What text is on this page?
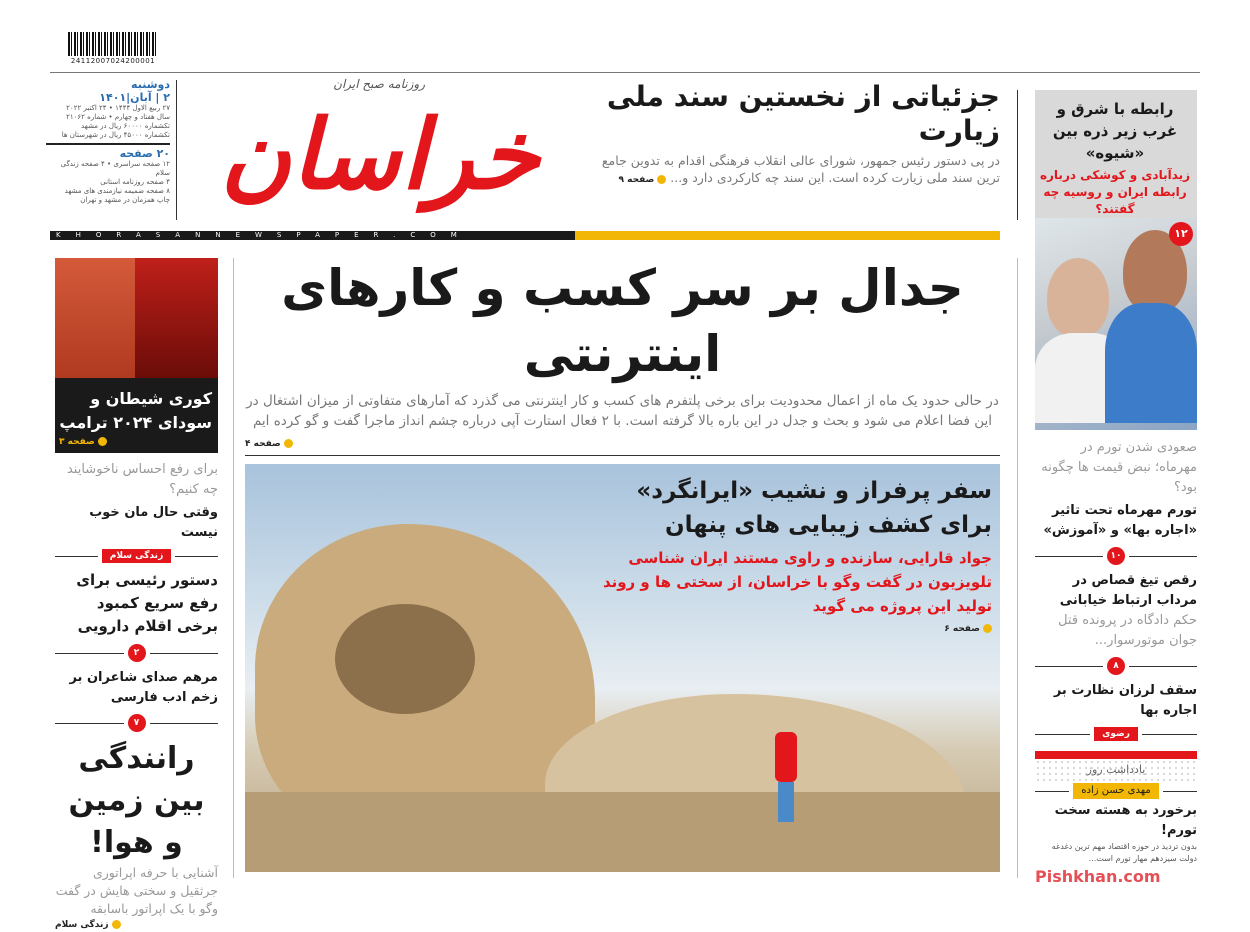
24112007024200001
دوشنبه
۲ | آبان|۱۴۰۱
۲۷ ربیع الاول ۱۴۴۴ • ۲۴ اکتبر ۲۰۲۲
سال هفتاد و چهارم • شماره ۲۱۰۶۲
تکشماره ۶۰۰۰۰ ریال در مشهد
تکشماره ۴۵۰۰۰ ریال در شهرستان ها
۲۰ صفحه
۱۲ صفحه سراسری • ۴ صفحه زندگی سلام
۴ صفحه روزنامه استانی
۸ صفحه ضمیمه نیازمندی های مشهد
چاپ همزمان در مشهد و تهران
روزنامه صبح ایران
خراسان
KHORASANNEWSPAPER.COM
جزئیاتی از نخستین سند ملی زیارت
در پی دستور رئیس جمهور، شورای عالی انقلاب فرهنگی اقدام به تدوین جامع ترین سند ملی زیارت کرده است. این سند چه کارکردی دارد و... صفحه ۹
رابطه با شرق و غرب زیر ذره بین «شیوه»
زیدآبادی و کوشکی درباره رابطه ایران و روسیه چه گفتند؟
۱۲
جدال بر سر کسب و کارهای اینترنتی
در حالی حدود یک ماه از اعمال محدودیت برای برخی پلتفرم های کسب و کار اینترنتی می گذرد که آمارهای متفاوتی از میزان اشتغال در این فضا اعلام می شود و بحث و جدل در این باره بالا گرفته است. با ۲ فعال استارت آپی درباره چشم انداز ماجرا گفت و گو کرده ایم
صفحه ۴
سفر پرفراز و نشیب «ایرانگرد» برای کشف زیبایی های پنهان
جواد قارایی، سازنده و راوی مستند ایران شناسی تلویزیون در گفت وگو با خراسان، از سختی ها و روند تولید این پروژه می گوید
صفحه ۶
کوری شیطان و سودای ۲۰۲۴ ترامپ
صفحه ۳
برای رفع احساس ناخوشایند چه کنیم؟
وقتی حال مان خوب نیست
زندگی سلام
دستور رئیسی برای رفع سریع کمبود برخی اقلام دارویی
۲
مرهم صدای شاعران بر زخم ادب فارسی
۷
رانندگی بین زمین و هوا!
آشنایی با حرفه اپراتوری جرثقیل و سختی هایش در گفت وگو با یک اپراتور باسابقه
زندگی سلام
صعودی شدن تورم در مهرماه؛ نبض قیمت ها چگونه بود؟
تورم مهرماه تحت تاثیر «اجاره بها» و «آموزش»
۱۰
رقص تیغ قصاص در مرداب ارتباط خیابانی
حکم دادگاه در پرونده قتل جوان موتورسوار...
۸
سقف لرزان نظارت بر اجاره بها
رضوی
یادداشت روز
مهدی حسن زاده
برخورد به هسته سخت تورم!
بدون تردید در حوزه اقتصاد مهم ترین دغدغه دولت سیزدهم مهار تورم است...
Pishkhan.com
